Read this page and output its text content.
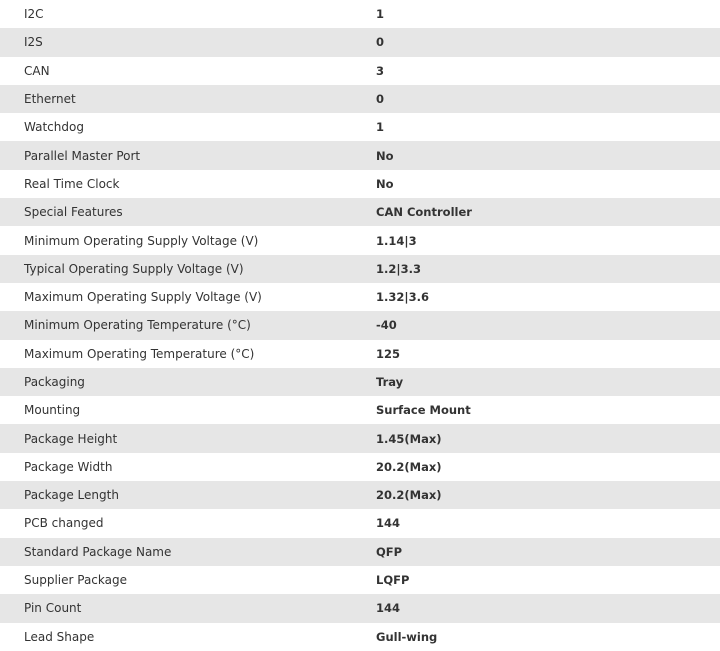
I2C	1
I2S	0
CAN	3
Ethernet	0
Watchdog	1
Parallel Master Port	No
Real Time Clock	No
Special Features	CAN Controller
Minimum Operating Supply Voltage (V)	1.14|3
Typical Operating Supply Voltage (V)	1.2|3.3
Maximum Operating Supply Voltage (V)	1.32|3.6
Minimum Operating Temperature (°C)	-40
Maximum Operating Temperature (°C)	125
Packaging	Tray
Mounting	Surface Mount
Package Height	1.45(Max)
Package Width	20.2(Max)
Package Length	20.2(Max)
PCB changed	144
Standard Package Name	QFP
Supplier Package	LQFP
Pin Count	144
Lead Shape	Gull-wing
